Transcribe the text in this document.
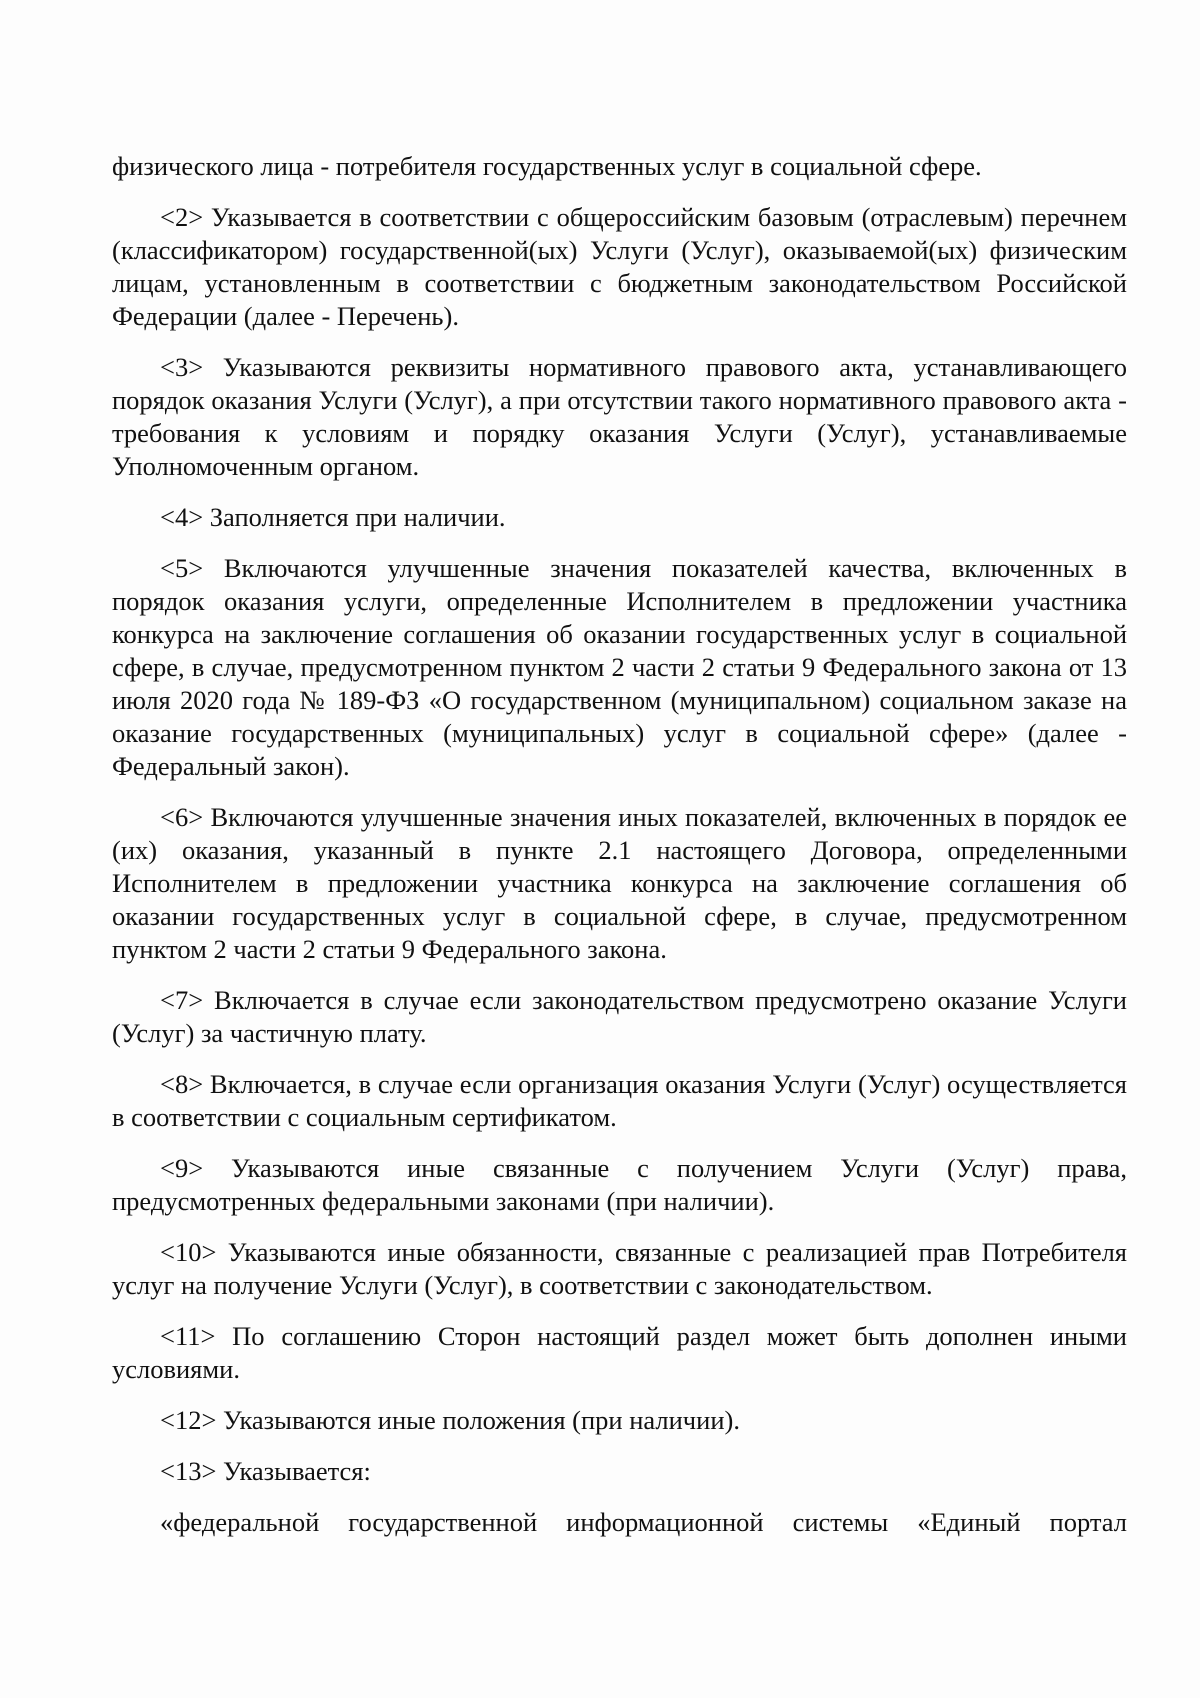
физического лица - потребителя государственных услуг в социальной сфере.

<2> Указывается в соответствии с общероссийским базовым (отраслевым) перечнем (классификатором) государственной(ых) Услуги (Услуг), оказываемой(ых) физическим лицам, установленным в соответствии с бюджетным законодательством Российской Федерации (далее - Перечень).

<3> Указываются реквизиты нормативного правового акта, устанавливающего порядок оказания Услуги (Услуг), а при отсутствии такого нормативного правового акта - требования к условиям и порядку оказания Услуги (Услуг), устанавливаемые Уполномоченным органом.

<4> Заполняется при наличии.

<5> Включаются улучшенные значения показателей качества, включенных в порядок оказания услуги, определенные Исполнителем в предложении участника конкурса на заключение соглашения об оказании государственных услуг в социальной сфере, в случае, предусмотренном пунктом 2 части 2 статьи 9 Федерального закона от 13 июля 2020 года № 189-ФЗ «О государственном (муниципальном) социальном заказе на оказание государственных (муниципальных) услуг в социальной сфере» (далее - Федеральный закон).

<6> Включаются улучшенные значения иных показателей, включенных в порядок ее (их) оказания, указанный в пункте 2.1 настоящего Договора, определенными Исполнителем в предложении участника конкурса на заключение соглашения об оказании государственных услуг в социальной сфере, в случае, предусмотренном пунктом 2 части 2 статьи 9 Федерального закона.

<7> Включается в случае если законодательством предусмотрено оказание Услуги (Услуг) за частичную плату.

<8> Включается, в случае если организация оказания Услуги (Услуг) осуществляется в соответствии с социальным сертификатом.

<9> Указываются иные связанные с получением Услуги (Услуг) права, предусмотренных федеральными законами (при наличии).

<10> Указываются иные обязанности, связанные с реализацией прав Потребителя услуг на получение Услуги (Услуг), в соответствии с законодательством.

<11> По соглашению Сторон настоящий раздел может быть дополнен иными условиями.

<12> Указываются иные положения (при наличии).

<13> Указывается:

«федеральной государственной информационной системы «Единый портал
